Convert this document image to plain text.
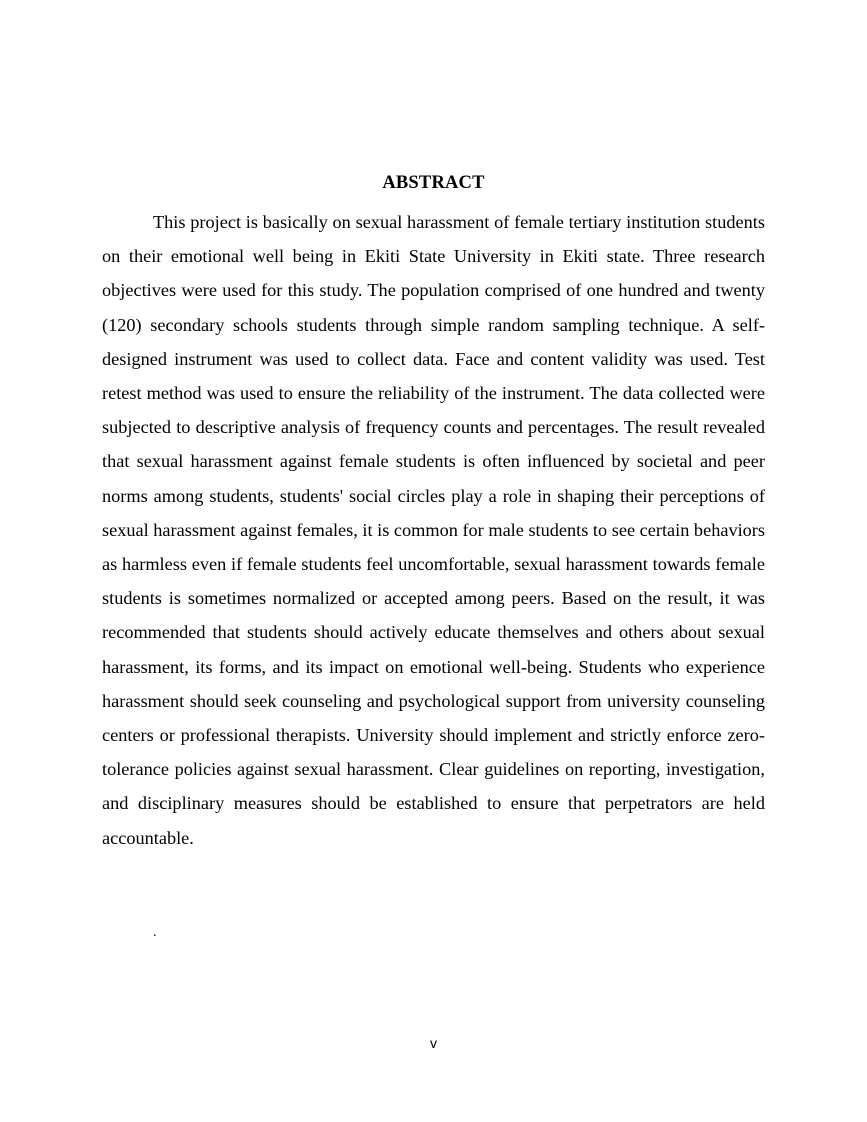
ABSTRACT

This project is basically on sexual harassment of female tertiary institution students on their emotional well being in Ekiti State University in Ekiti state. Three research objectives were used for this study. The population comprised of one hundred and twenty (120) secondary schools students through simple random sampling technique. A self-designed instrument was used to collect data. Face and content validity was used. Test retest method was used to ensure the reliability of the instrument. The data collected were subjected to descriptive analysis of frequency counts and percentages. The result revealed that sexual harassment against female students is often influenced by societal and peer norms among students, students' social circles play a role in shaping their perceptions of sexual harassment against females, it is common for male students to see certain behaviors as harmless even if female students feel uncomfortable, sexual harassment towards female students is sometimes normalized or accepted among peers. Based on the result, it was recommended that students should actively educate themselves and others about sexual harassment, its forms, and its impact on emotional well-being. Students who experience harassment should seek counseling and psychological support from university counseling centers or professional therapists. University should implement and strictly enforce zero-tolerance policies against sexual harassment. Clear guidelines on reporting, investigation, and disciplinary measures should be established to ensure that perpetrators are held accountable.

.
v
